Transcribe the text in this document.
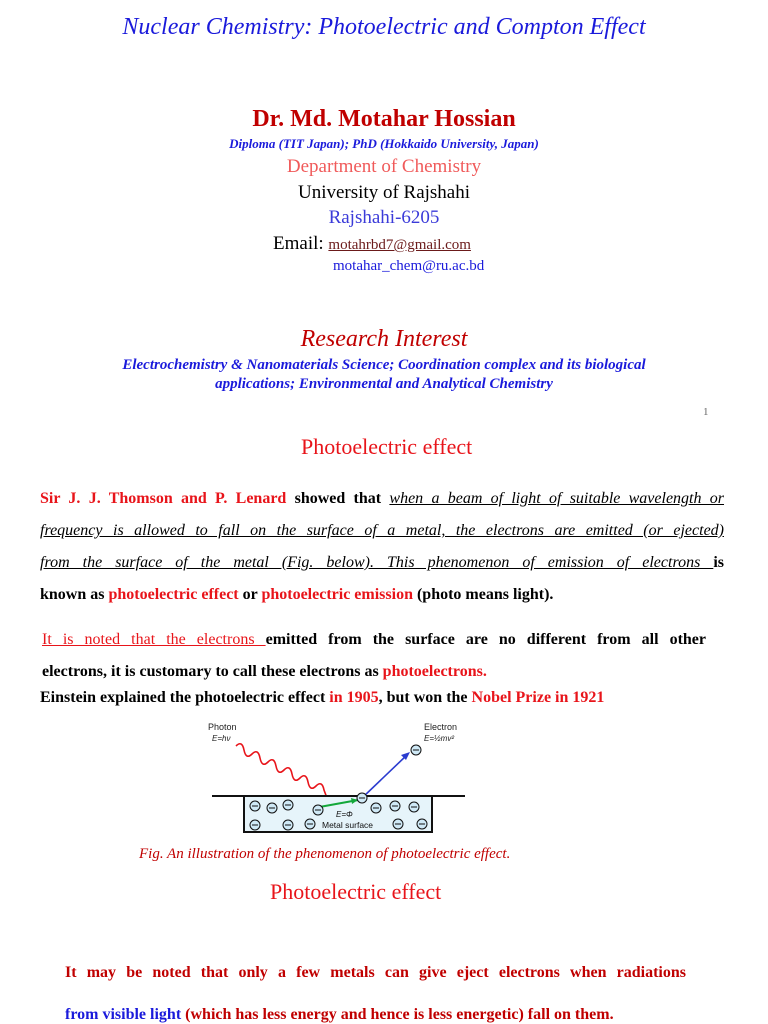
Nuclear Chemistry: Photoelectric and Compton Effect
Dr. Md. Motahar Hossian
Diploma (TIT Japan); PhD (Hokkaido University, Japan)
Department of Chemistry
University of Rajshahi
Rajshahi-6205
Email: motahrbd7@gmail.com
motahar_chem@ru.ac.bd
Research Interest
Electrochemistry & Nanomaterials Science; Coordination complex and its biological
applications; Environmental and Analytical Chemistry
1
Photoelectric effect
Sir J. J. Thomson and P. Lenard showed that when a beam of light of suitable wavelength or
frequency is allowed to fall on the surface of a metal, the electrons are emitted (or ejected)
from the surface of the metal (Fig. below). This phenomenon of emission of electrons is
known as photoelectric effect or photoelectric emission (photo means light).
It is noted that the electrons emitted from the surface are no different from all other
electrons, it is customary to call these electrons as photoelectrons.
Einstein explained the photoelectric effect in 1905, but won the Nobel Prize in 1921
Photon
E=hν
Electron
E=½mv²
E=Φ
Metal surface
Fig. An illustration of the phenomenon of photoelectric effect.
Photoelectric effect
It may be noted that only a few metals can give eject electrons when radiations
from visible light (which has less energy and hence is less energetic) fall on them.
